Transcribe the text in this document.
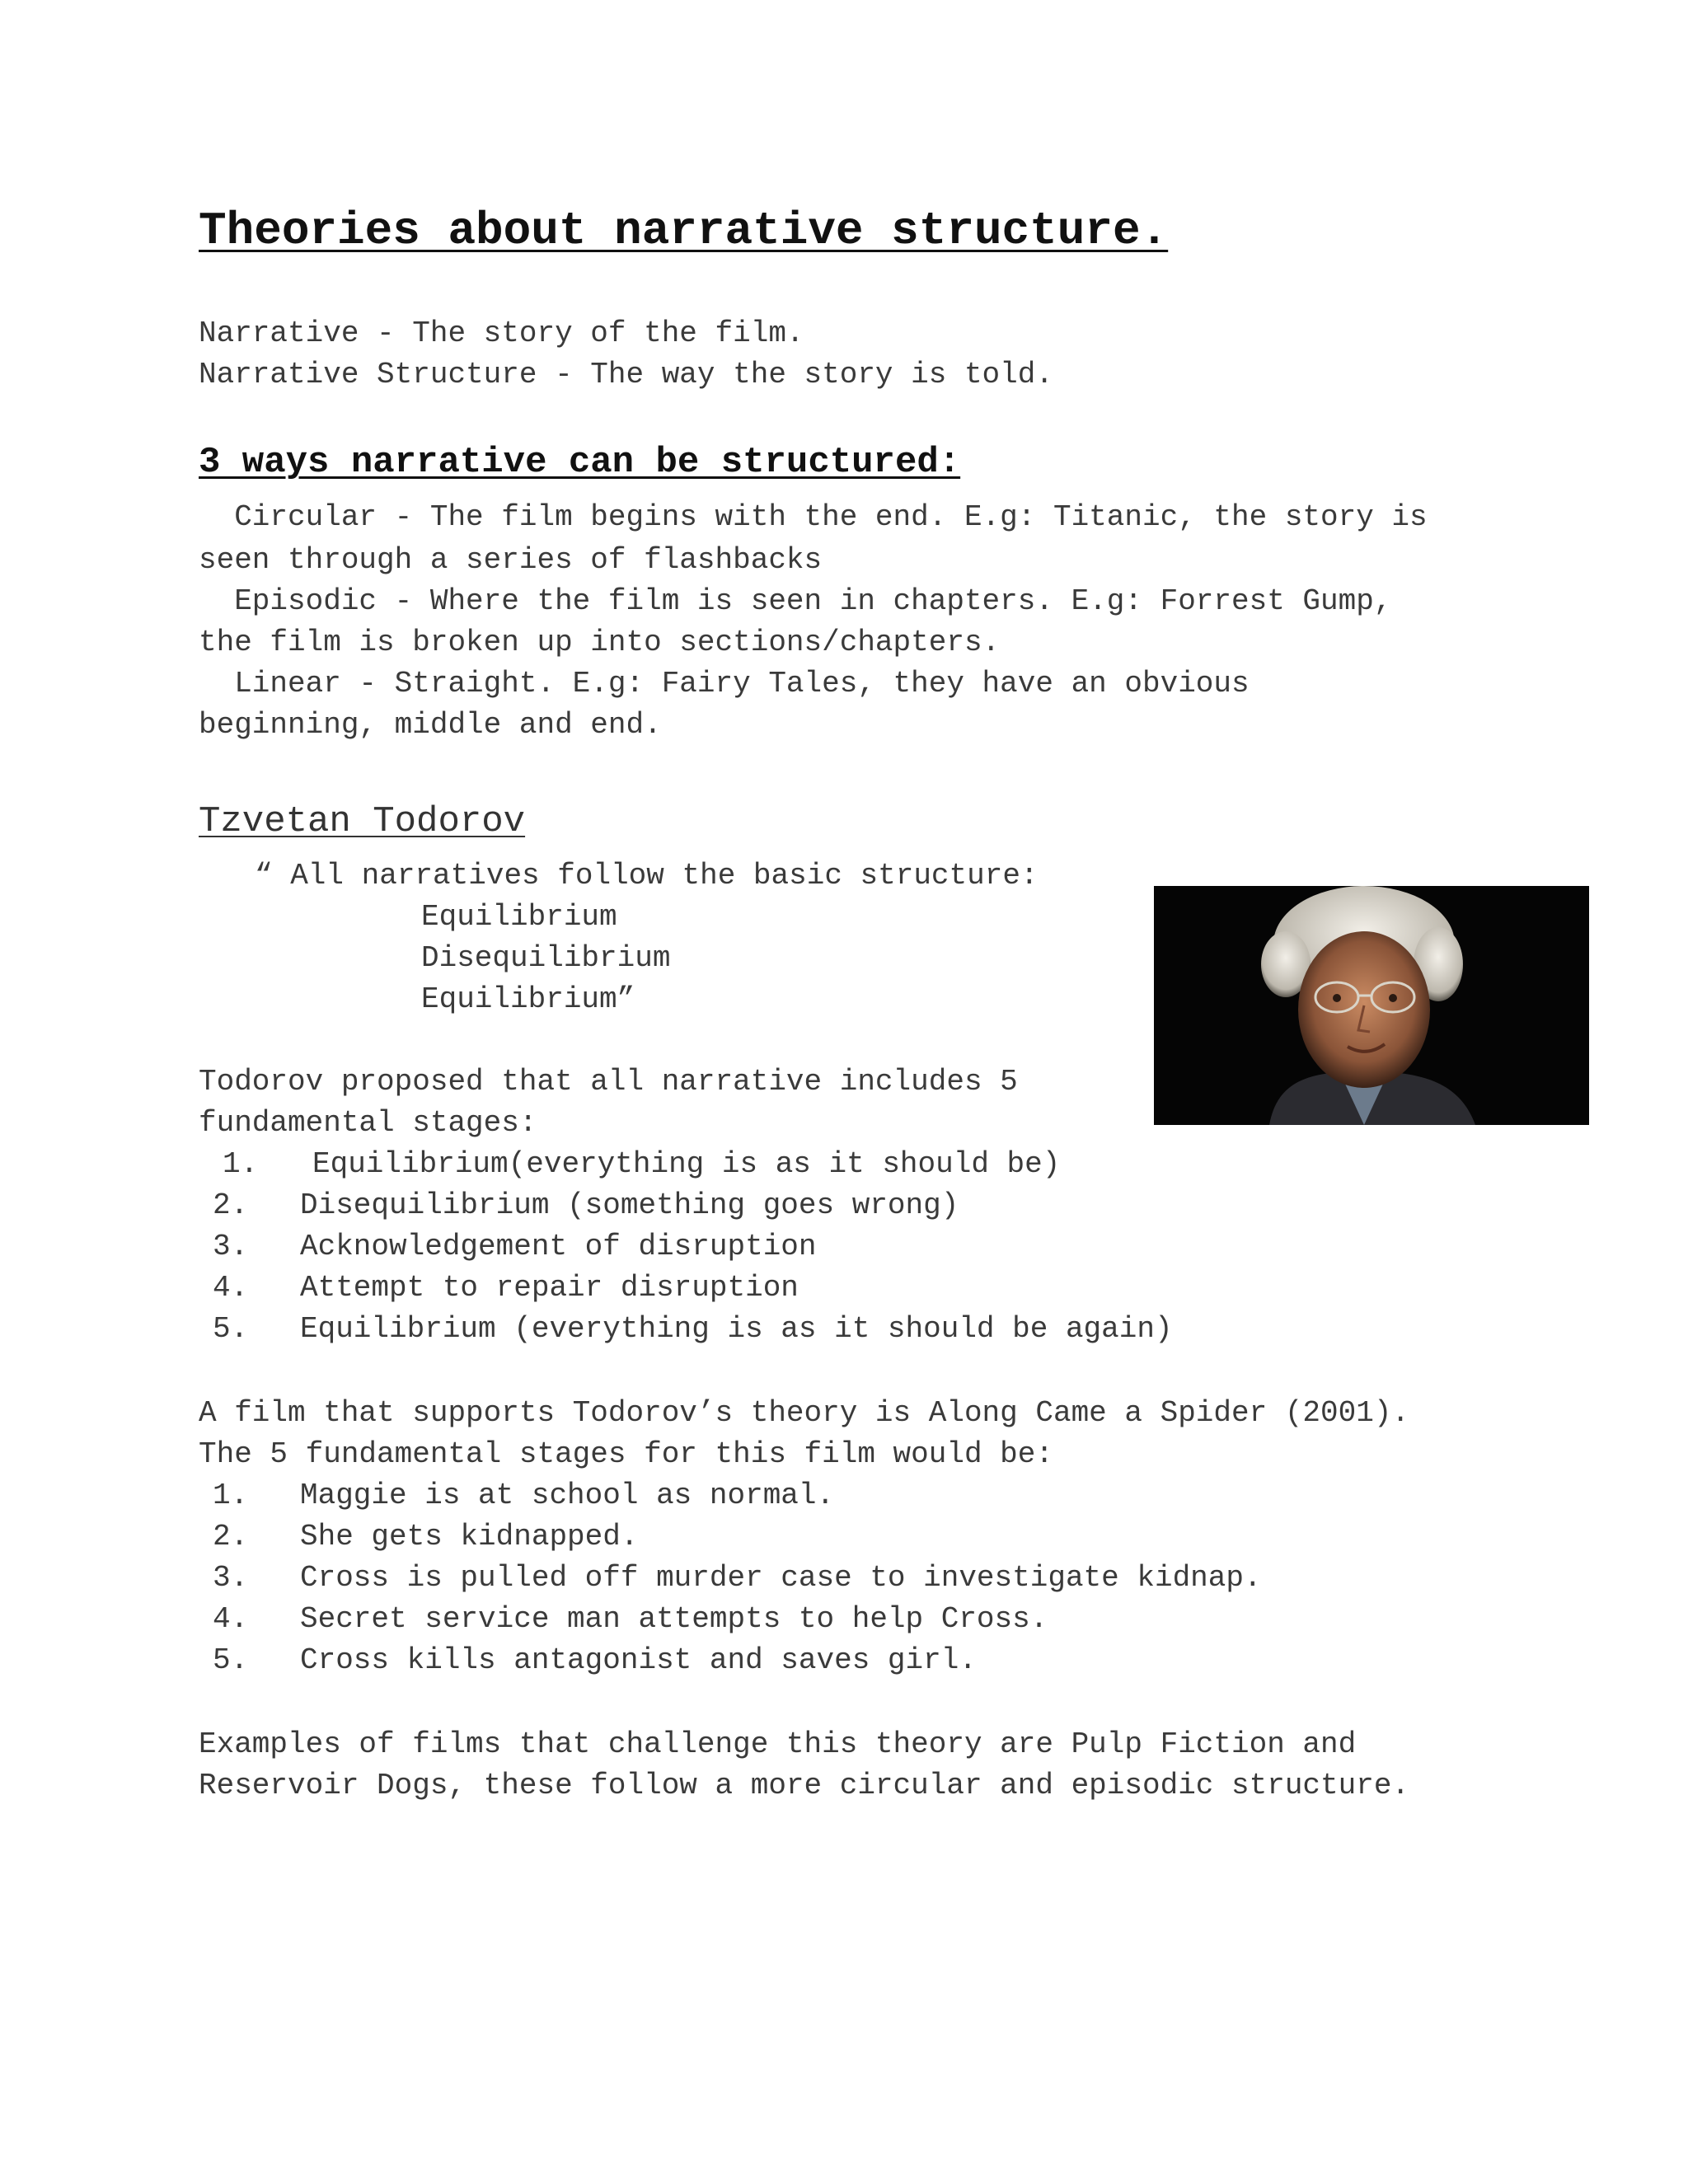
Theories about narrative structure.
Narrative - The story of the film.
Narrative Structure - The way the story is told.
3 ways narrative can be structured:
Circular - The film begins with the end. E.g: Titanic, the story is
seen through a series of flashbacks
Episodic - Where the film is seen in chapters. E.g: Forrest Gump,
the film is broken up into sections/chapters.
Linear - Straight. E.g: Fairy Tales, they have an obvious
beginning, middle and end.
Tzvetan Todorov
“ All narratives follow the basic structure:
Equilibrium
Disequilibrium
Equilibrium”
Todorov proposed that all narrative includes 5
fundamental stages:
1. Equilibrium(everything is as it should be)
2. Disequilibrium (something goes wrong)
3. Acknowledgement of disruption
4. Attempt to repair disruption
5. Equilibrium (everything is as it should be again)
A film that supports Todorov’s theory is Along Came a Spider (2001).
The 5 fundamental stages for this film would be:
1. Maggie is at school as normal.
2. She gets kidnapped.
3. Cross is pulled off murder case to investigate kidnap.
4. Secret service man attempts to help Cross.
5. Cross kills antagonist and saves girl.
Examples of films that challenge this theory are Pulp Fiction and
Reservoir Dogs, these follow a more circular and episodic structure.
